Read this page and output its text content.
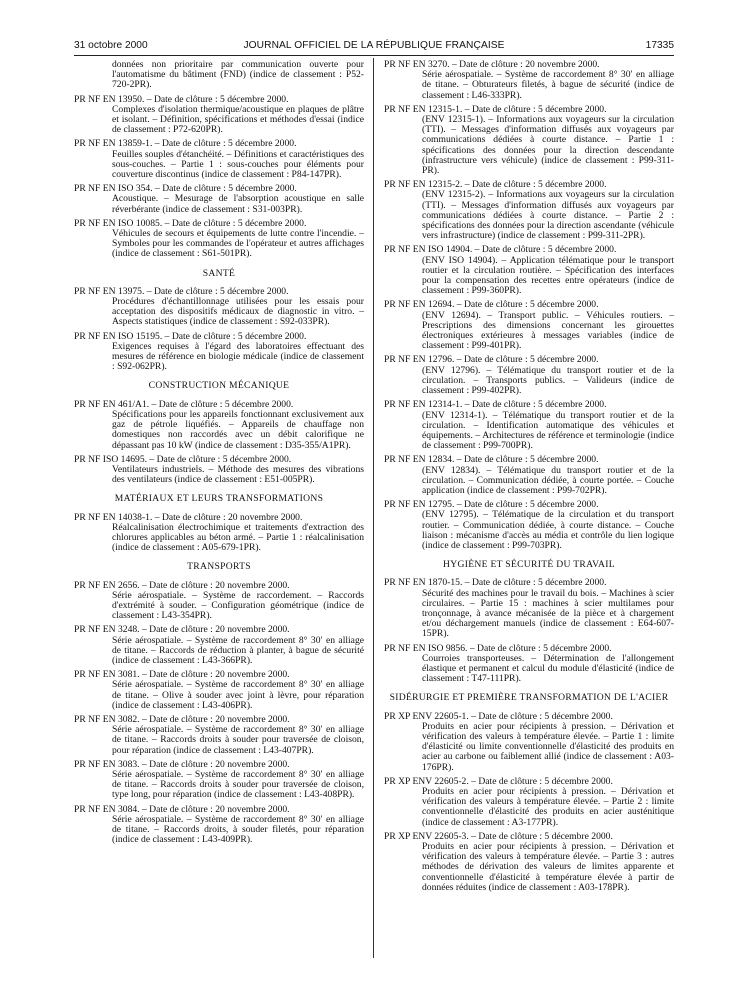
JOURNAL OFFICIEL DE LA RÉPUBLIQUE FRANÇAISE
31 octobre 2000	17335
données non prioritaire par communication ouverte pour l'automatisme du bâtiment (FND) (indice de classement : P52-720-2PR).
PR NF EN 13950. – Date de clôture : 5 décembre 2000.
Complexes d'isolation thermique/acoustique en plaques de plâtre et isolant. – Définition, spécifications et méthodes d'essai (indice de classement : P72-620PR).
PR NF EN 13859-1. – Date de clôture : 5 décembre 2000.
Feuilles souples d'étanchéité. – Définitions et caractéristiques des sous-couches. – Partie 1 : sous-couches pour éléments pour couverture discontinus (indice de classement : P84-147PR).
PR NF EN ISO 354. – Date de clôture : 5 décembre 2000.
Acoustique. – Mesurage de l'absorption acoustique en salle réverbérante (indice de classement : S31-003PR).
PR NF EN ISO 10085. – Date de clôture : 5 décembre 2000.
Véhicules de secours et équipements de lutte contre l'incendie. – Symboles pour les commandes de l'opérateur et autres affichages (indice de classement : S61-501PR).
SANTÉ
PR NF EN 13975. – Date de clôture : 5 décembre 2000.
Procédures d'échantillonnage utilisées pour les essais pour acceptation des dispositifs médicaux de diagnostic in vitro. – Aspects statistiques (indice de classement : S92-033PR).
PR NF EN ISO 15195. – Date de clôture : 5 décembre 2000.
Exigences requises à l'égard des laboratoires effectuant des mesures de référence en biologie médicale (indice de classement : S92-062PR).
CONSTRUCTION MÉCANIQUE
PR NF EN 461/A1. – Date de clôture : 5 décembre 2000.
Spécifications pour les appareils fonctionnant exclusivement aux gaz de pétrole liquéfiés. – Appareils de chauffage non domestiques non raccordés avec un débit calorifique ne dépassant pas 10 kW (indice de classement : D35-355/A1PR).
PR NF ISO 14695. – Date de clôture : 5 décembre 2000.
Ventilateurs industriels. – Méthode des mesures des vibrations des ventilateurs (indice de classement : E51-005PR).
MATÉRIAUX ET LEURS TRANSFORMATIONS
PR NF EN 14038-1. – Date de clôture : 20 novembre 2000.
Réalcalinisation électrochimique et traitements d'extraction des chlorures applicables au béton armé. – Partie 1 : réalcalinisation (indice de classement : A05-679-1PR).
TRANSPORTS
PR NF EN 2656. – Date de clôture : 20 novembre 2000.
Série aérospatiale. – Système de raccordement. – Raccords d'extrémité à souder. – Configuration géométrique (indice de classement : L43-354PR).
PR NF EN 3248. – Date de clôture : 20 novembre 2000.
Série aérospatiale. – Système de raccordement 8° 30′ en alliage de titane. – Raccords de réduction à planter, à bague de sécurité (indice de classement : L43-366PR).
PR NF EN 3081. – Date de clôture : 20 novembre 2000.
Série aérospatiale. – Système de raccordement 8° 30′ en alliage de titane. – Olive à souder avec joint à lèvre, pour réparation (indice de classement : L43-406PR).
PR NF EN 3082. – Date de clôture : 20 novembre 2000.
Série aérospatiale. – Système de raccordement 8° 30′ en alliage de titane. – Raccords droits à souder pour traversée de cloison, pour réparation (indice de classement : L43-407PR).
PR NF EN 3083. – Date de clôture : 20 novembre 2000.
Série aérospatiale. – Système de raccordement 8° 30′ en alliage de titane. – Raccords droits à souder pour traversée de cloison, type long, pour réparation (indice de classement : L43-408PR).
PR NF EN 3084. – Date de clôture : 20 novembre 2000.
Série aérospatiale. – Système de raccordement 8° 30′ en alliage de titane. – Raccords droits, à souder filetés, pour réparation (indice de classement : L43-409PR).
PR NF EN 3270. – Date de clôture : 20 novembre 2000.
Série aérospatiale. – Système de raccordement 8° 30′ en alliage de titane. – Obturateurs filetés, à bague de sécurité (indice de classement : L46-333PR).
PR NF EN 12315-1. – Date de clôture : 5 décembre 2000.
(ENV 12315-1). – Informations aux voyageurs sur la circulation (TTI). – Messages d'information diffusés aux voyageurs par communications dédiées à courte distance. – Partie 1 : spécifications des données pour la direction descendante (infrastructure vers véhicule) (indice de classement : P99-311-PR).
PR NF EN 12315-2. – Date de clôture : 5 décembre 2000.
(ENV 12315-2). – Informations aux voyageurs sur la circulation (TTI). – Messages d'information diffusés aux voyageurs par communications dédiées à courte distance. – Partie 2 : spécifications des données pour la direction ascendante (véhicule vers infrastructure) (indice de classement : P99-311-2PR).
PR NF EN ISO 14904. – Date de clôture : 5 décembre 2000.
(ENV ISO 14904). – Application télématique pour le transport routier et la circulation routière. – Spécification des interfaces pour la compensation des recettes entre opérateurs (indice de classement : P99-360PR).
PR NF EN 12694. – Date de clôture : 5 décembre 2000.
(ENV 12694). – Transport public. – Véhicules routiers. – Prescriptions des dimensions concernant les girouettes électroniques extérieures à messages variables (indice de classement : P99-401PR).
PR NF EN 12796. – Date de clôture : 5 décembre 2000.
(ENV 12796). – Télématique du transport routier et de la circulation. – Transports publics. – Valideurs (indice de classement : P99-402PR).
PR NF EN 12314-1. – Date de clôture : 5 décembre 2000.
(ENV 12314-1). – Télématique du transport routier et de la circulation. – Identification automatique des véhicules et équipements. – Architectures de référence et terminologie (indice de classement : P99-700PR).
PR NF EN 12834. – Date de clôture : 5 décembre 2000.
(ENV 12834). – Télématique du transport routier et de la circulation. – Communication dédiée, à courte portée. – Couche application (indice de classement : P99-702PR).
PR NF EN 12795. – Date de clôture : 5 décembre 2000.
(ENV 12795). – Télématique de la circulation et du transport routier. – Communication dédiée, à courte distance. – Couche liaison : mécanisme d'accès au média et contrôle du lien logique (indice de classement : P99-703PR).
HYGIÈNE ET SÉCURITÉ DU TRAVAIL
PR NF EN 1870-15. – Date de clôture : 5 décembre 2000.
Sécurité des machines pour le travail du bois. – Machines à scier circulaires. – Partie 15 : machines à scier multilames pour tronçonnage, à avance mécanisée de la pièce et à chargement et/ou déchargement manuels (indice de classement : E64-607-15PR).
PR NF EN ISO 9856. – Date de clôture : 5 décembre 2000.
Courroies transporteuses. – Détermination de l'allongement élastique et permanent et calcul du module d'élasticité (indice de classement : T47-111PR).
SIDÉRURGIE ET PREMIÈRE TRANSFORMATION DE L'ACIER
PR XP ENV 22605-1. – Date de clôture : 5 décembre 2000.
Produits en acier pour récipients à pression. – Dérivation et vérification des valeurs à température élevée. – Partie 1 : limite d'élasticité ou limite conventionnelle d'élasticité des produits en acier au carbone ou faiblement allié (indice de classement : A03-176PR).
PR XP ENV 22605-2. – Date de clôture : 5 décembre 2000.
Produits en acier pour récipients à pression. – Dérivation et vérification des valeurs à température élevée. – Partie 2 : limite conventionnelle d'élasticité des produits en acier austénitique (indice de classement : A3-177PR).
PR XP ENV 22605-3. – Date de clôture : 5 décembre 2000.
Produits en acier pour récipients à pression. – Dérivation et vérification des valeurs à température élevée. – Partie 3 : autres méthodes de dérivation des valeurs de limites apparente et conventionnelle d'élasticité à température élevée à partir de données réduites (indice de classement : A03-178PR).
